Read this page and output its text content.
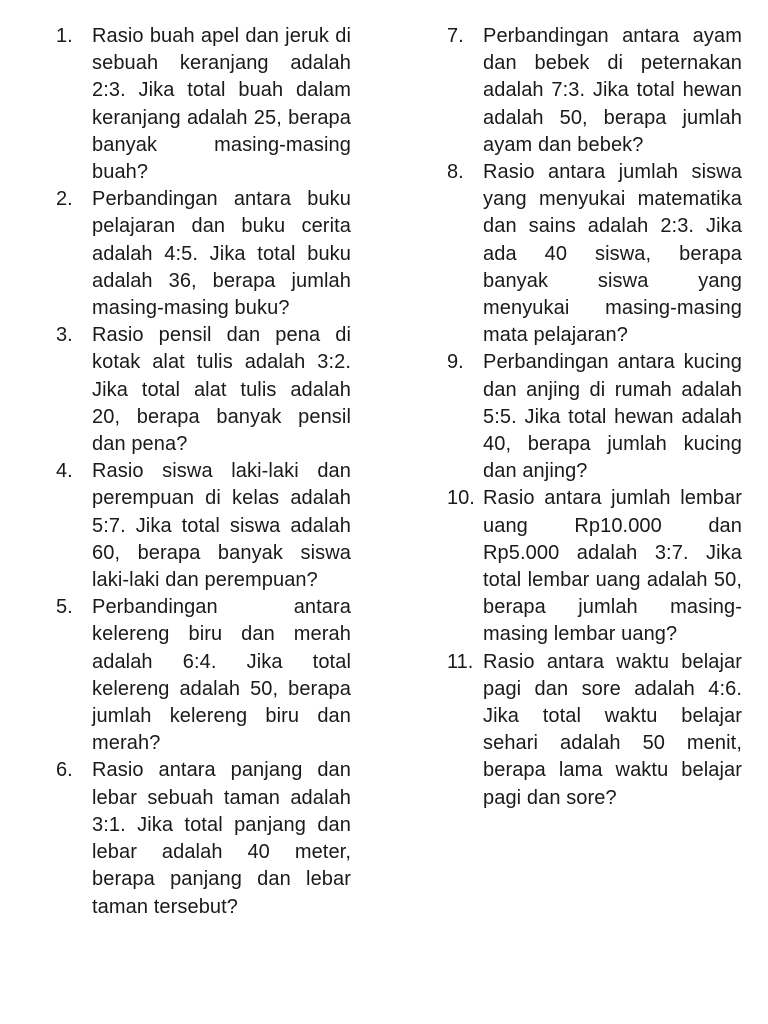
1. Rasio buah apel dan jeruk di sebuah keranjang adalah 2:3. Jika total buah dalam keranjang adalah 25, berapa banyak masing-masing buah?
2. Perbandingan antara buku pelajaran dan buku cerita adalah 4:5. Jika total buku adalah 36, berapa jumlah masing-masing buku?
3. Rasio pensil dan pena di kotak alat tulis adalah 3:2. Jika total alat tulis adalah 20, berapa banyak pensil dan pena?
4. Rasio siswa laki-laki dan perempuan di kelas adalah 5:7. Jika total siswa adalah 60, berapa banyak siswa laki-laki dan perempuan?
5. Perbandingan antara kelereng biru dan merah adalah 6:4. Jika total kelereng adalah 50, berapa jumlah kelereng biru dan merah?
6. Rasio antara panjang dan lebar sebuah taman adalah 3:1. Jika total panjang dan lebar adalah 40 meter, berapa panjang dan lebar taman tersebut?
7. Perbandingan antara ayam dan bebek di peternakan adalah 7:3. Jika total hewan adalah 50, berapa jumlah ayam dan bebek?
8. Rasio antara jumlah siswa yang menyukai matematika dan sains adalah 2:3. Jika ada 40 siswa, berapa banyak siswa yang menyukai masing-masing mata pelajaran?
9. Perbandingan antara kucing dan anjing di rumah adalah 5:5. Jika total hewan adalah 40, berapa jumlah kucing dan anjing?
10. Rasio antara jumlah lembar uang Rp10.000 dan Rp5.000 adalah 3:7. Jika total lembar uang adalah 50, berapa jumlah masing-masing lembar uang?
11. Rasio antara waktu belajar pagi dan sore adalah 4:6. Jika total waktu belajar sehari adalah 50 menit, berapa lama waktu belajar pagi dan sore?
